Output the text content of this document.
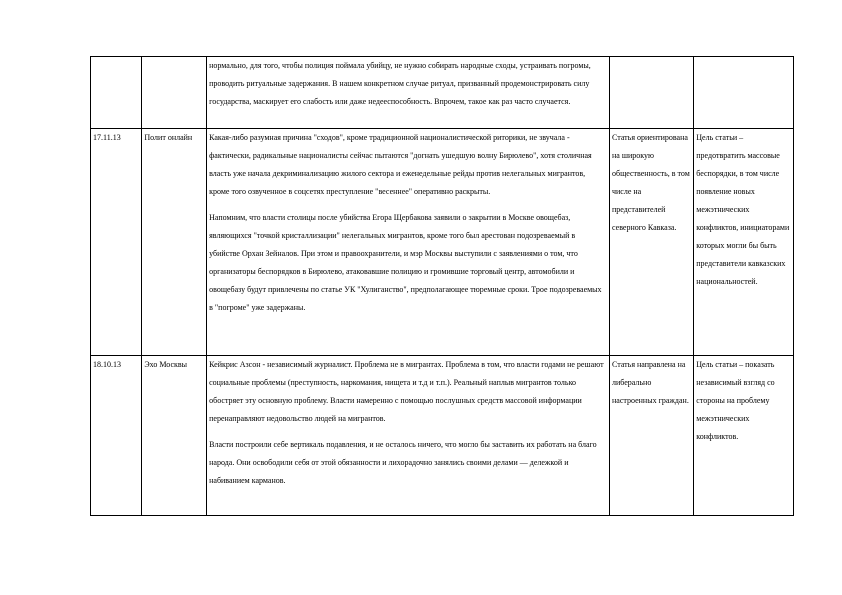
		нормально, для того, чтобы полиция поймала убийцу, не нужно собирать народные сходы, устраивать погромы, проводить ритуальные задержания. В нашем конкретном случае ритуал, призванный продемонстрировать силу государства, маскирует его слабость или даже недееспособность. Впрочем, такое как раз часто случается.		

17.11.13	Полит онлайн	Какая-либо разумная причина "сходов", кроме традиционной националистической риторики, не звучала - фактически, радикальные националисты сейчас пытаются "догнать ушедшую волну Бирюлево", хотя столичная власть уже начала декриминализацию жилого сектора и еженедельные рейды против нелегальных мигрантов, кроме того озвученное в соцсетях преступление "весеннее" оперативно раскрыты.

Напомним, что власти столицы после убийства Егора Щербакова заявили о закрытии в Москве овощебаз, являющихся "точкой кристаллизации" нелегальных мигрантов, кроме того был арестован подозреваемый в убийстве Орхан Зейналов. При этом и правоохранители, и мэр Москвы выступили с заявлениями о том, что организаторы беспорядков в Бирюлево, атаковавшие полицию и громившие торговый центр, автомобили и овощебазу будут привлечены по статье УК "Хулиганство", предполагающее тюремные сроки. Трое подозреваемых в "погроме" уже задержаны.	Статья ориентирована на широкую общественность, в том числе на представителей северного Кавказа.	Цель статьи – предотвратить массовые беспорядки, в том числе появление новых межэтнических конфликтов, инициаторами которых могли бы быть представители кавказских национальностей.
18.10.13	Эхо Москвы	Кейкрис Азсон - независимый журналист. Проблема не в мигрантах. Проблема в том, что власти годами не решают социальные проблемы (преступность, наркомания, нищета и т.д и т.п.). Реальный наплыв мигрантов только обостряет эту основную проблему. Власти намеренно с помощью послушных средств массовой информации перенаправляют недовольство людей на мигрантов.

Власти построили себе вертикаль подавления, и не осталось ничего, что могло бы заставить их работать на благо народа. Они освободили себя от этой обязанности и лихорадочно занялись своими делами — дележкой и набиванием карманов.	Статья направлена на либерально настроенных граждан.	Цель статьи – показать независимый взгляд со стороны на проблему межэтнических конфликтов.
